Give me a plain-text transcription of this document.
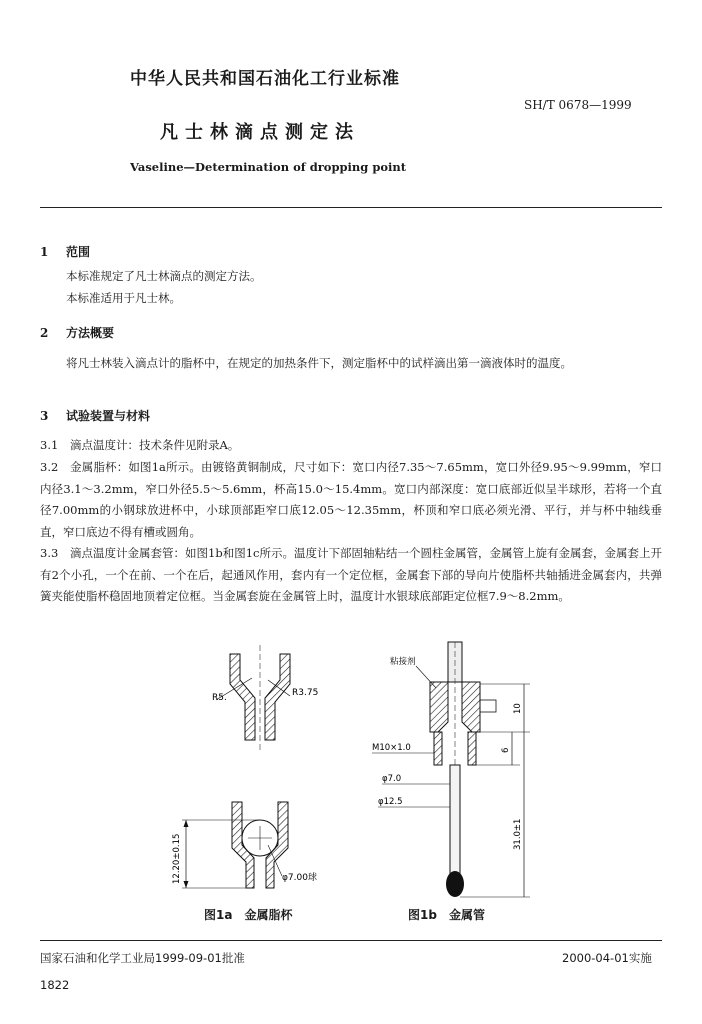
中华人民共和国石油化工行业标准
SH/T 0678—1999
凡士林滴点测定法
Vaseline—Determination of dropping point
1 范围
本标准规定了凡士林滴点的测定方法。
本标准适用于凡士林。
2 方法概要
将凡士林装入滴点计的脂杯中，在规定的加热条件下，测定脂杯中的试样滴出第一滴液体时的温度。
3 试验装置与材料
3.1 滴点温度计：技术条件见附录A。
3.2 金属脂杯：如图1a所示。由镀铬黄铜制成，尺寸如下：宽口内径7.35～7.65mm，宽口外径9.95～9.99mm，窄口内径3.1～3.2mm，窄口外径5.5～5.6mm，杯高15.0～15.4mm。宽口内部深度：宽口底部近似呈半球形，若将一个直径7.00mm的小钢球放进杯中，小球顶部距窄口底12.05～12.35mm，杯顶和窄口底必须光滑、平行，并与杯中轴线垂直，窄口底边不得有槽或圆角。
3.3 滴点温度计金属套管：如图1b和图1c所示。温度计下部固轴粘结一个圆柱金属管，金属管上旋有金属套，金属套上开有2个小孔，一个在前、一个在后，起通风作用，套内有一个定位框，金属套下部的导向片使脂杯共轴插进金属套内，共弹簧夹能使脂杯稳固地顶着定位框。当金属套旋在金属管上时，温度计水银球底部距定位框7.9～8.2mm。
R5.	R3.75
12.20±0.15	φ7.00球
图1a　金属脂杯
粘接剂
M10×1.0
φ7.0
φ12.5
10
6
31.0±1
图1b　金属管
国家石油和化学工业局1999-09-01批准	2000-04-01实施
1822
